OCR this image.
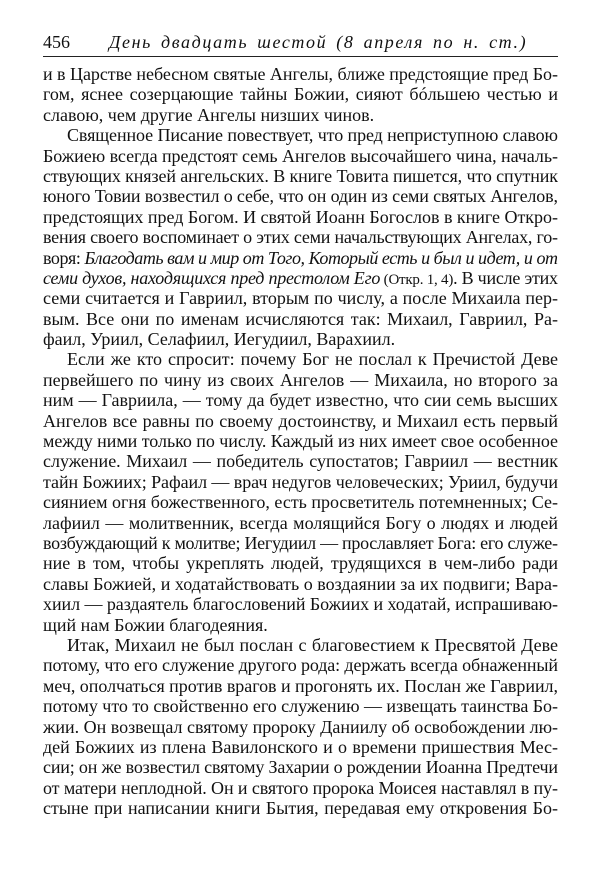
456 День двадцать шестой (8 апреля по н. ст.)
и в Царстве небесном святые Ангелы, ближе предстоящие пред Бо-
гом, яснее созерцающие тайны Божии, сияют бóльшею честью и
славою, чем другие Ангелы низших чинов.
Священное Писание повествует, что пред неприступною славою
Божиею всегда предстоят семь Ангелов высочайшего чина, началь-
ствующих князей ангельских. В книге Товита пишется, что спутник
юного Товии возвестил о себе, что он один из семи святых Ангелов,
предстоящих пред Богом. И святой Иоанн Богослов в книге Откро-
вения своего воспоминает о этих семи начальствующих Ангелах, го-
воря: Благодать вам и мир от Того, Который есть и был и идет, и от
семи духов, находящихся пред престолом Его (Откр. 1, 4). В числе этих
семи считается и Гавриил, вторым по числу, а после Михаила пер-
вым. Все они по именам исчисляются так: Михаил, Гавриил, Ра-
фаил, Уриил, Селафиил, Иегудиил, Варахиил.
Если же кто спросит: почему Бог не послал к Пречистой Деве
первейшего по чину из своих Ангелов — Михаила, но второго за
ним — Гавриила, — тому да будет известно, что сии семь высших
Ангелов все равны по своему достоинству, и Михаил есть первый
между ними только по числу. Каждый из них имеет свое особенное
служение. Михаил — победитель супостатов; Гавриил — вестник
тайн Божиих; Рафаил — врач недугов человеческих; Уриил, будучи
сиянием огня божественного, есть просветитель потемненных; Се-
лафиил — молитвенник, всегда молящийся Богу о людях и людей
возбуждающий к молитве; Иегудиил — прославляет Бога: его служе-
ние в том, чтобы укреплять людей, трудящихся в чем-либо ради
славы Божией, и ходатайствовать о воздаянии за их подвиги; Вара-
хиил — раздаятель благословений Божиих и ходатай, испрашиваю-
щий нам Божии благодеяния.
Итак, Михаил не был послан с благовестием к Пресвятой Деве
потому, что его служение другого рода: держать всегда обнаженный
меч, ополчаться против врагов и прогонять их. Послан же Гавриил,
потому что то свойственно его служению — извещать таинства Бо-
жии. Он возвещал святому пророку Даниилу об освобождении лю-
дей Божиих из плена Вавилонского и о времени пришествия Мес-
сии; он же возвестил святому Захарии о рождении Иоанна Предтечи
от матери неплодной. Он и святого пророка Моисея наставлял в пу-
стыне при написании книги Бытия, передавая ему откровения Бо-
